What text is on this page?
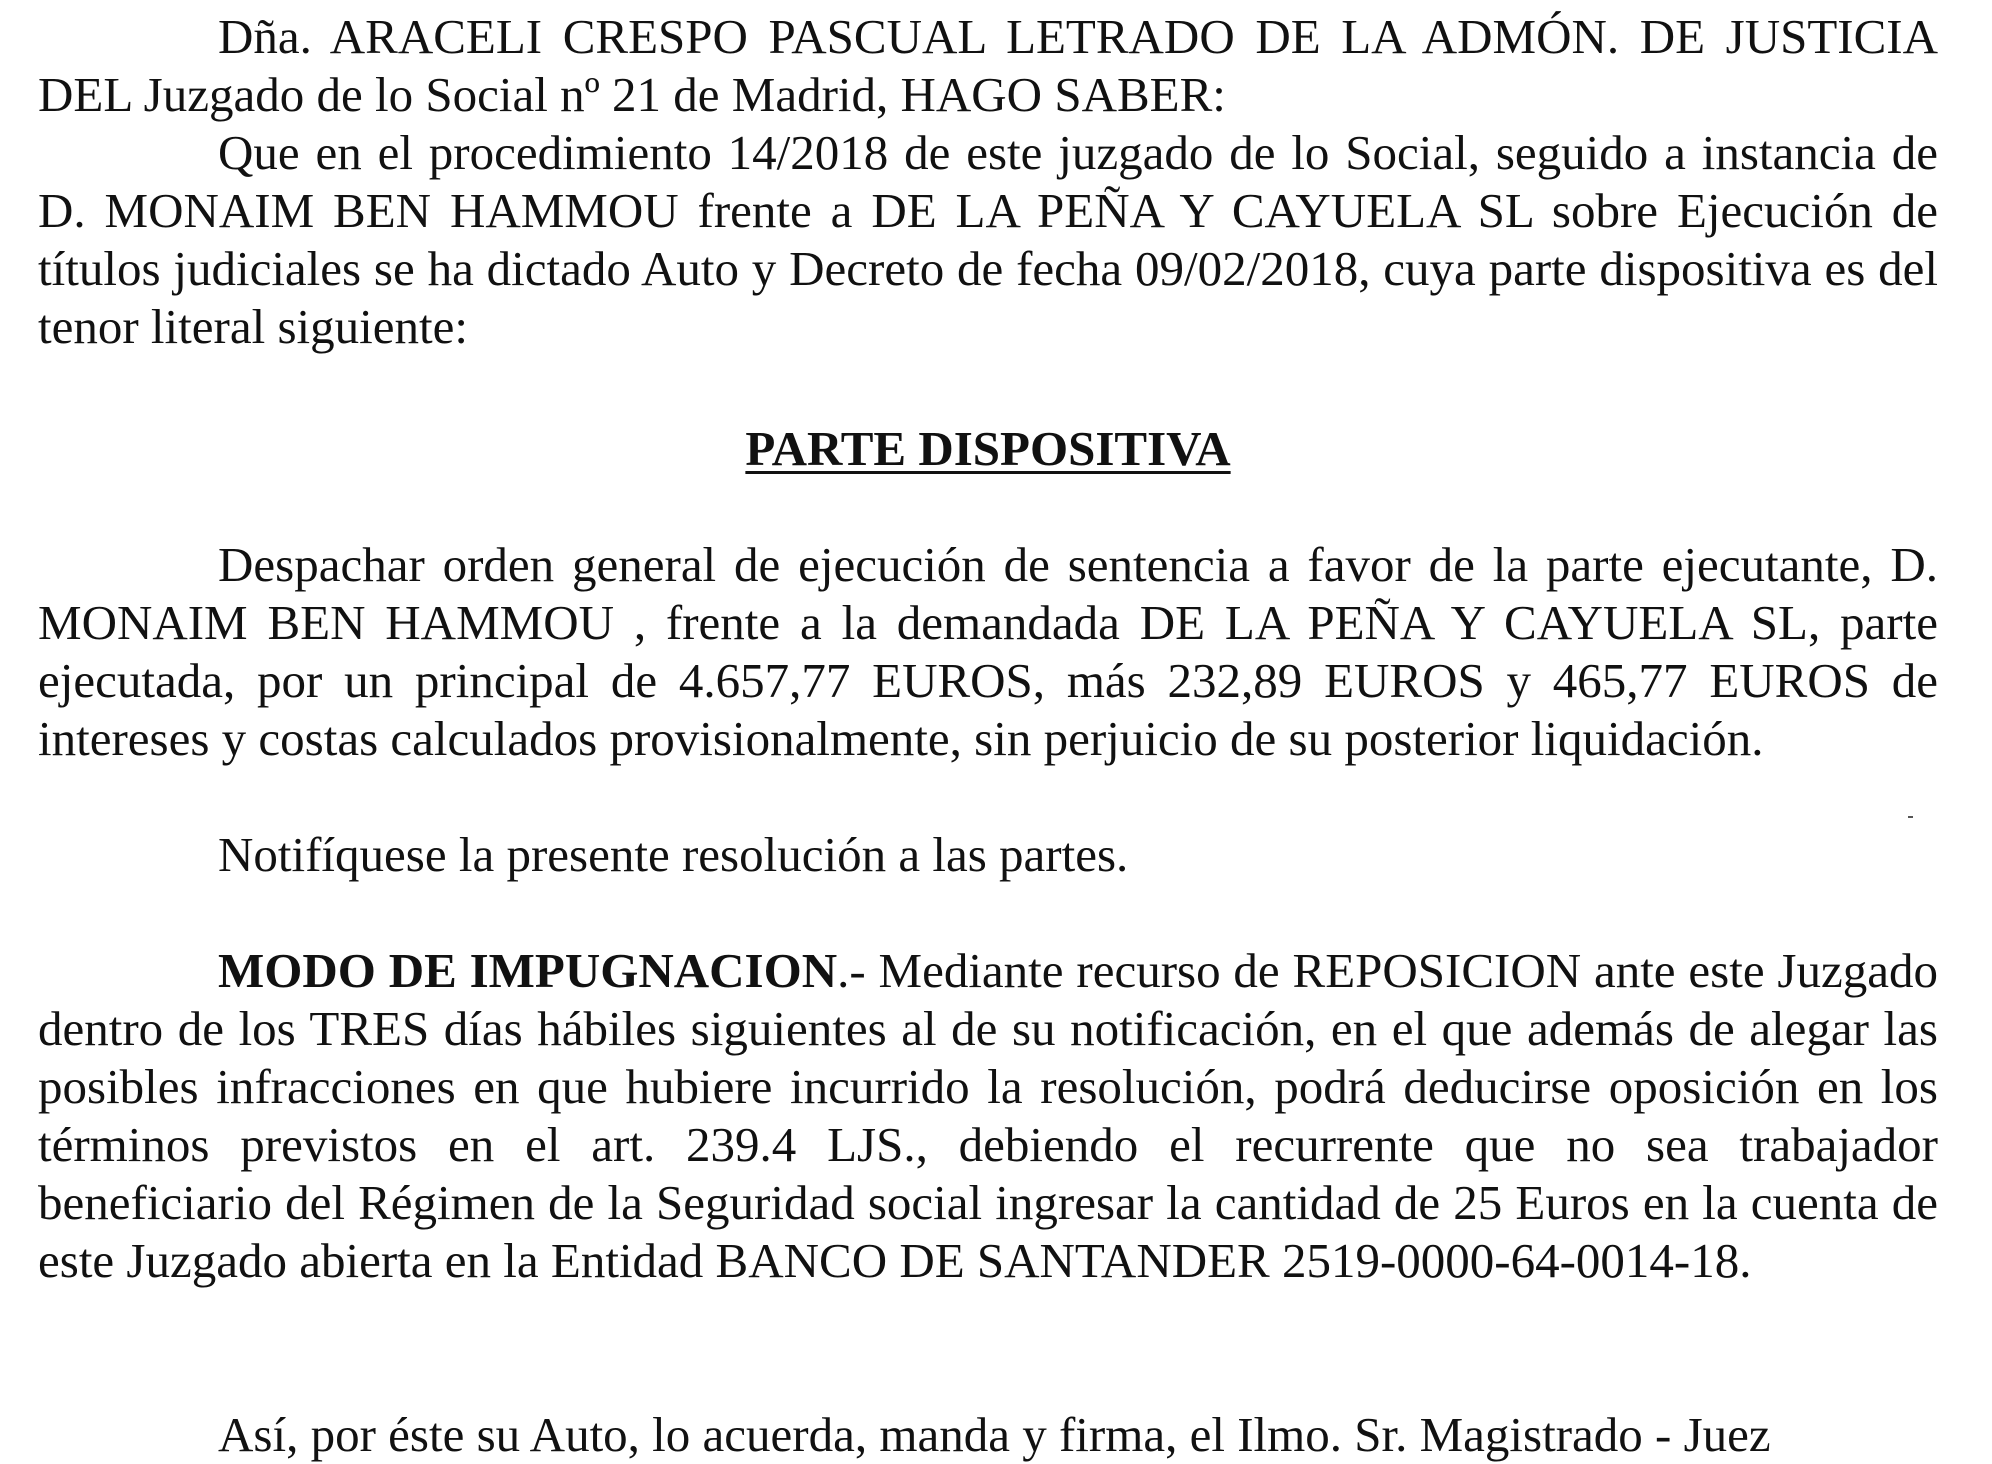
Dña. ARACELI CRESPO PASCUAL LETRADO DE LA ADMÓN. DE JUSTICIA DEL Juzgado de lo Social nº 21 de Madrid, HAGO SABER:

Que en el procedimiento 14/2018 de este juzgado de lo Social, seguido a instancia de D. MONAIM BEN HAMMOU frente a DE LA PEÑA Y CAYUELA SL sobre Ejecución de títulos judiciales se ha dictado Auto y Decreto de fecha 09/02/2018, cuya parte dispositiva es del tenor literal siguiente:

PARTE DISPOSITIVA

Despachar orden general de ejecución de sentencia a favor de la parte ejecutante, D. MONAIM BEN HAMMOU , frente a la demandada DE LA PEÑA Y CAYUELA SL, parte ejecutada, por un principal de 4.657,77 EUROS, más 232,89 EUROS y 465,77 EUROS de intereses y costas calculados provisionalmente, sin perjuicio de su posterior liquidación.

Notifíquese la presente resolución a las partes.

MODO DE IMPUGNACION.- Mediante recurso de REPOSICION ante este Juzgado dentro de los TRES días hábiles siguientes al de su notificación, en el que además de alegar las posibles infracciones en que hubiere incurrido la resolución, podrá deducirse oposición en los términos previstos en el art. 239.4 LJS., debiendo el recurrente que no sea trabajador beneficiario del Régimen de la Seguridad social ingresar la cantidad de 25 Euros en la cuenta de este Juzgado abierta en la Entidad BANCO DE SANTANDER 2519-0000-64-0014-18.

Así, por éste su Auto, lo acuerda, manda y firma, el Ilmo. Sr. Magistrado - Juez
